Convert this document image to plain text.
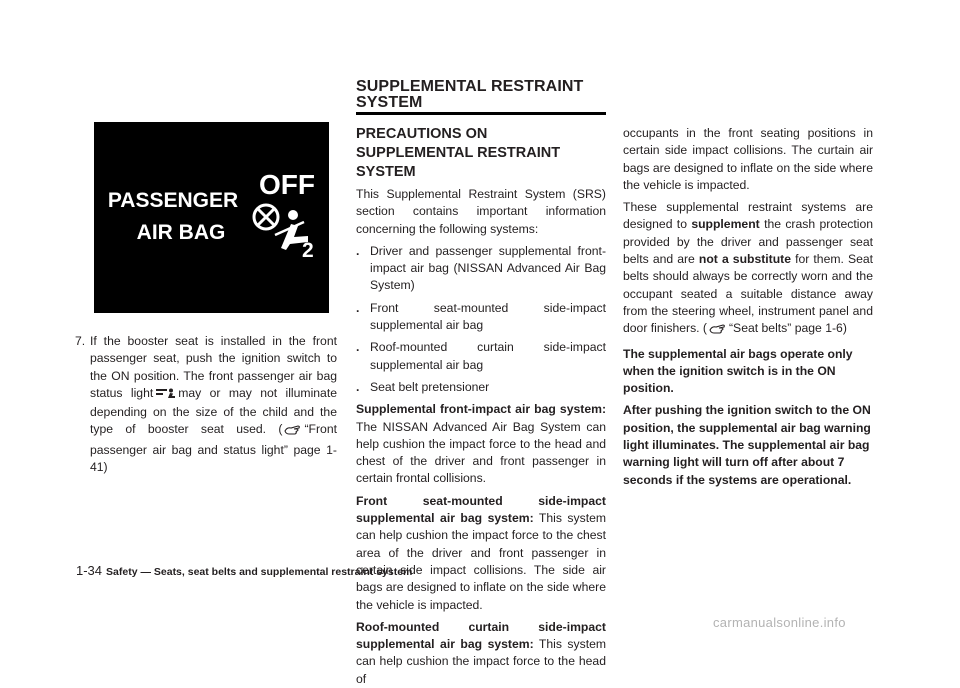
PASSENGER
AIR BAG
OFF
2
7. If the booster seat is installed in the front passenger seat, push the ignition switch to the ON position. The front passenger air bag status light may or may not illuminate depending on the size of the child and the type of booster seat used. ( “Front passenger air bag and status light” page 1-41)

SUPPLEMENTAL RESTRAINT SYSTEM
PRECAUTIONS ON SUPPLEMENTAL RESTRAINT SYSTEM

This Supplemental Restraint System (SRS) section contains important information concerning the following systems:

. Driver and passenger supplemental front-impact air bag (NISSAN Advanced Air Bag System)
. Front seat-mounted side-impact supplemental air bag
. Roof-mounted curtain side-impact supplemental air bag
. Seat belt pretensioner

Supplemental front-impact air bag system: The NISSAN Advanced Air Bag System can help cushion the impact force to the head and chest of the driver and front passenger in certain frontal collisions.

Front seat-mounted side-impact supplemental air bag system: This system can help cushion the impact force to the chest area of the driver and front passenger in certain side impact collisions. The side air bags are designed to inflate on the side where the vehicle is impacted.

Roof-mounted curtain side-impact supplemental air bag system: This system can help cushion the impact force to the head of

occupants in the front seating positions in certain side impact collisions. The curtain air bags are designed to inflate on the side where the vehicle is impacted.

These supplemental restraint systems are designed to supplement the crash protection provided by the driver and passenger seat belts and are not a substitute for them. Seat belts should always be correctly worn and the occupant seated a suitable distance away from the steering wheel, instrument panel and door finishers. ( “Seat belts” page 1-6)

The supplemental air bags operate only when the ignition switch is in the ON position.

After pushing the ignition switch to the ON position, the supplemental air bag warning light illuminates. The supplemental air bag warning light will turn off after about 7 seconds if the systems are operational.

1-34 Safety — Seats, seat belts and supplemental restraint system
carmanualsonline.info
